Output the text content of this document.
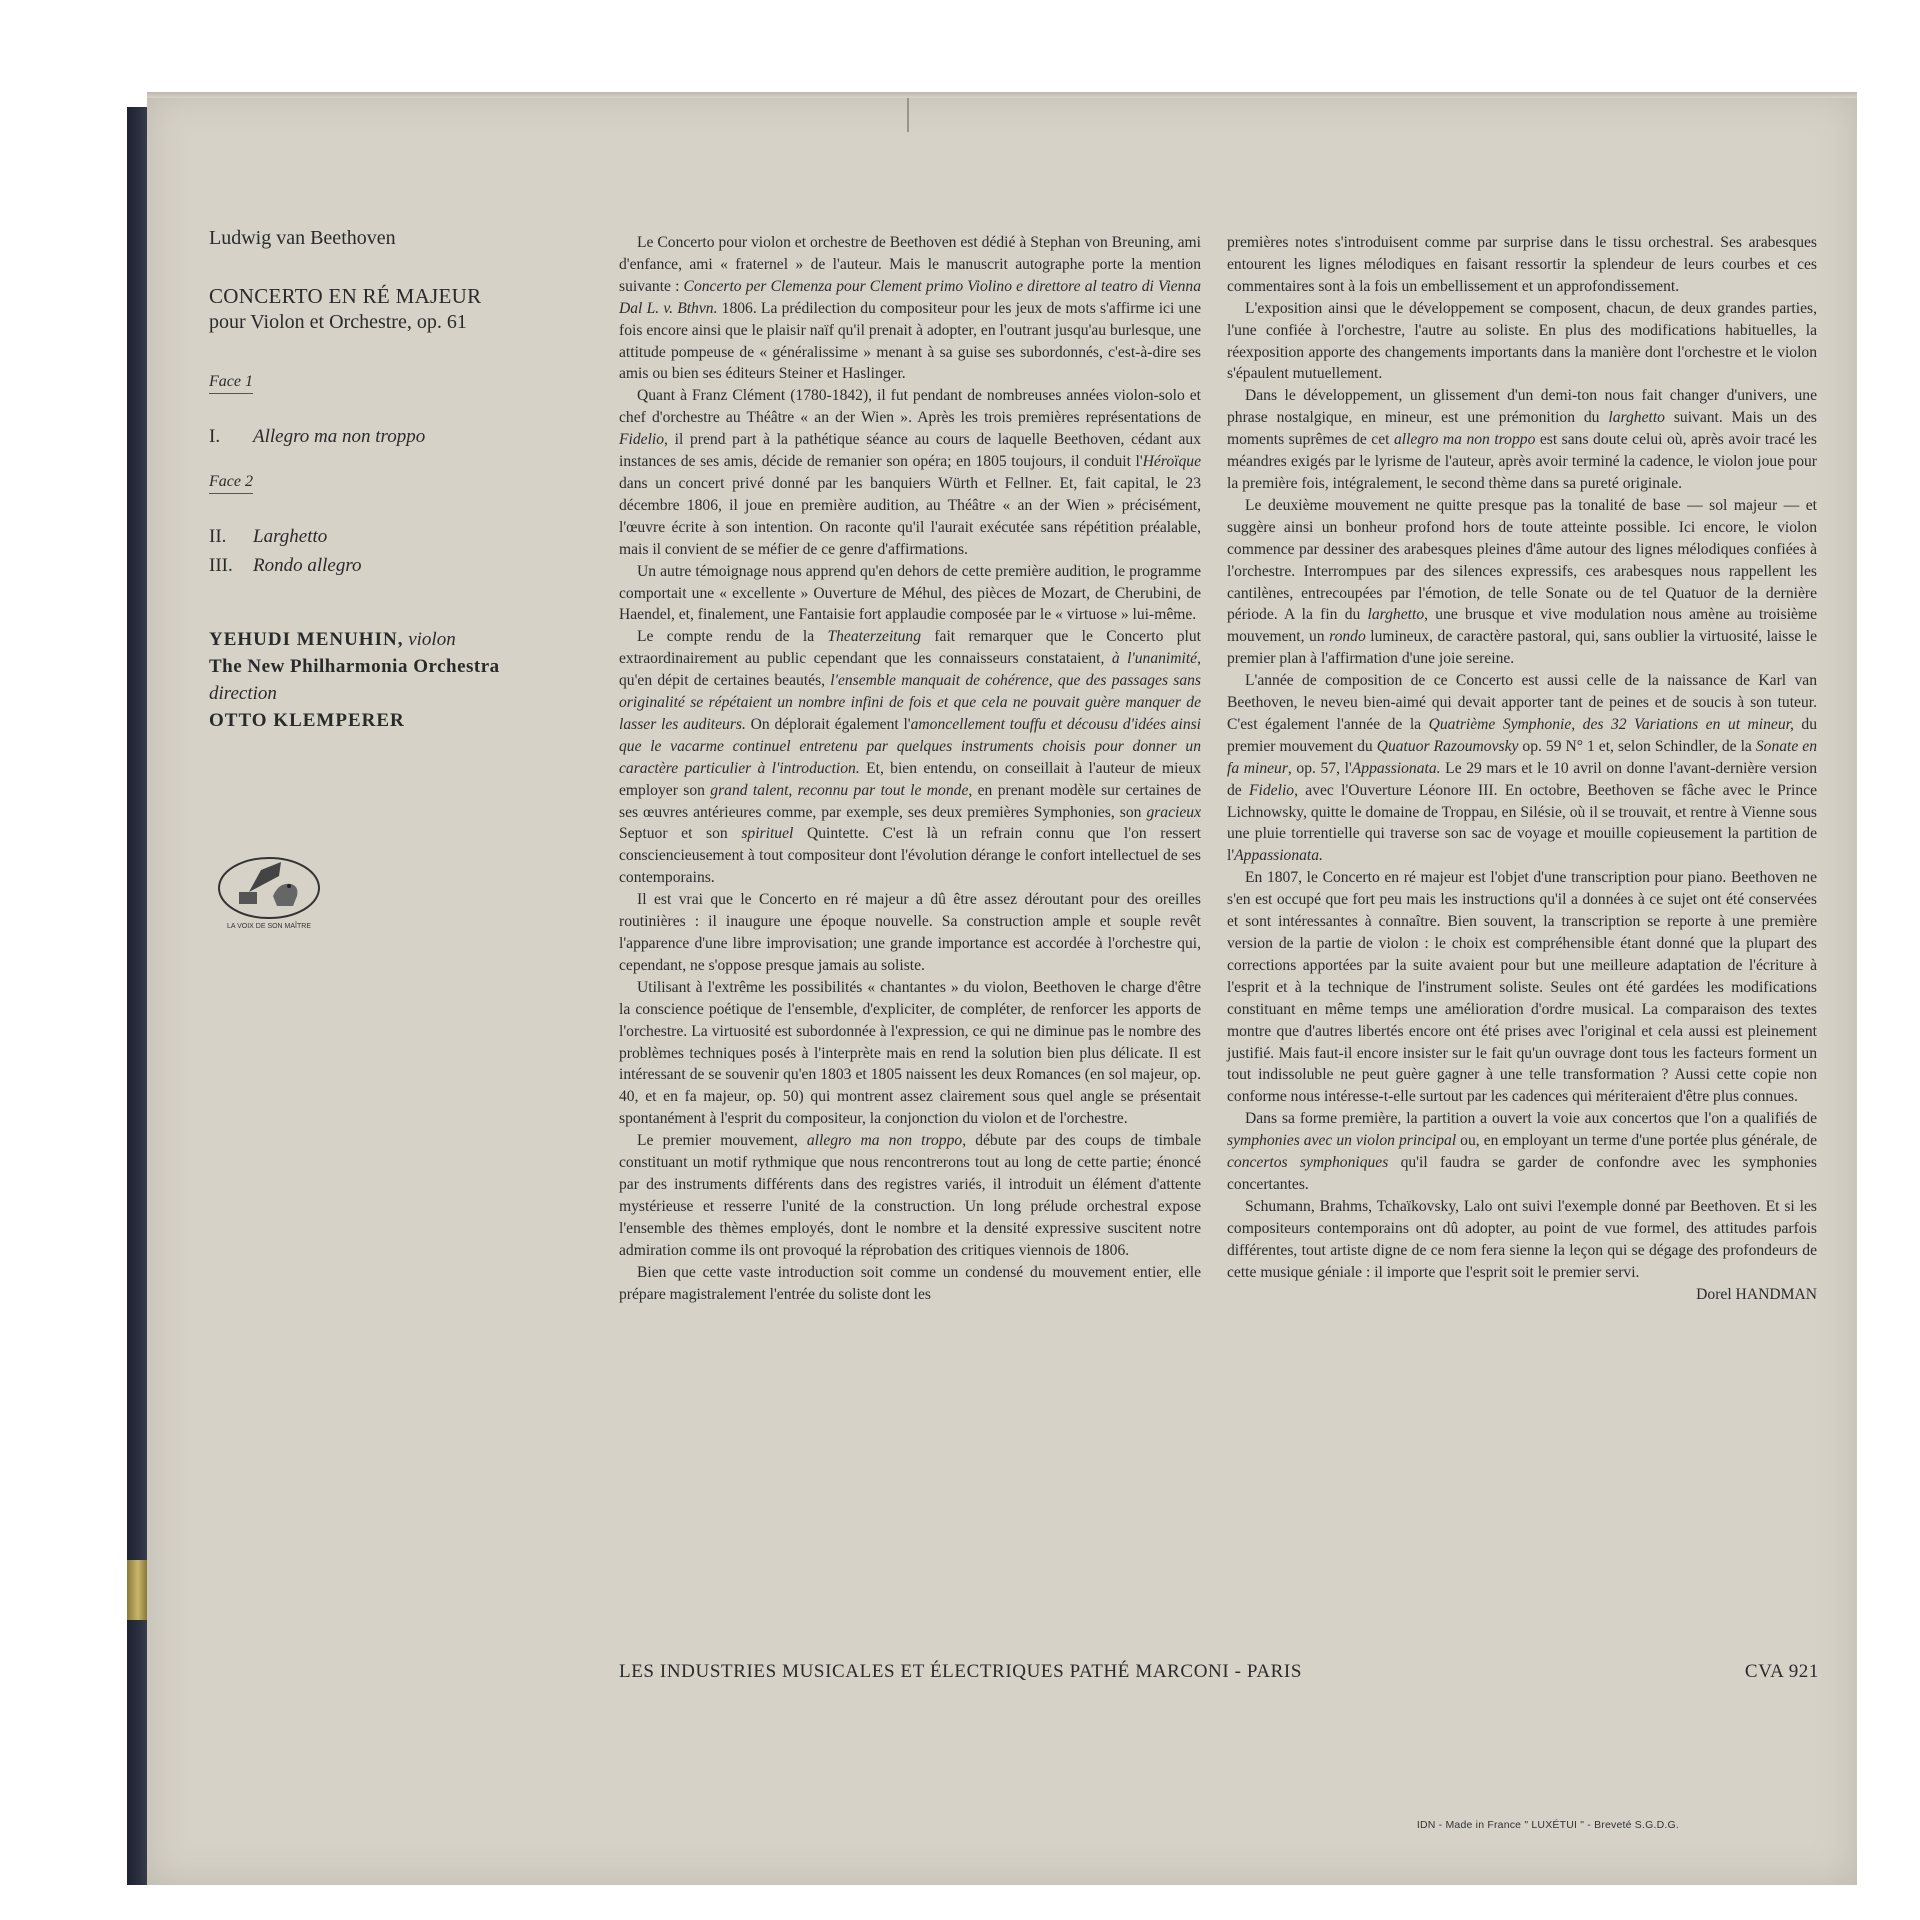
Ludwig van Beethoven
CONCERTO EN RÉ MAJEUR
pour Violon et Orchestre, op. 61
Face 1
I. Allegro ma non troppo
Face 2
II. Larghetto
III. Rondo allegro
YEHUDI MENUHIN, violon
The New Philharmonia Orchestra
direction
OTTO KLEMPERER
LA VOIX DE SON MAÎTRE

Le Concerto pour violon et orchestre de Beethoven est dédié à Stephan von Breuning, ami d'enfance, ami « fraternel » de l'auteur. Mais le manuscrit autographe porte la mention suivante : Concerto per Clemenza pour Clement primo Violino e direttore al teatro di Vienna Dal L. v. Bthvn. 1806. La prédilection du compositeur pour les jeux de mots s'affirme ici une fois encore ainsi que le plaisir naïf qu'il prenait à adopter, en l'outrant jusqu'au burlesque, une attitude pompeuse de « généralissime » menant à sa guise ses subordonnés, c'est-à-dire ses amis ou bien ses éditeurs Steiner et Haslinger.

Quant à Franz Clément (1780-1842), il fut pendant de nombreuses années violon-solo et chef d'orchestre au Théâtre « an der Wien ». Après les trois premières représentations de Fidelio, il prend part à la pathétique séance au cours de laquelle Beethoven, cédant aux instances de ses amis, décide de remanier son opéra; en 1805 toujours, il conduit l'Héroïque dans un concert privé donné par les banquiers Würth et Fellner. Et, fait capital, le 23 décembre 1806, il joue en première audition, au Théâtre « an der Wien » précisément, l'œuvre écrite à son intention. On raconte qu'il l'aurait exécutée sans répétition préalable, mais il convient de se méfier de ce genre d'affirmations.

Un autre témoignage nous apprend qu'en dehors de cette première audition, le programme comportait une « excellente » Ouverture de Méhul, des pièces de Mozart, de Cherubini, de Haendel, et, finalement, une Fantaisie fort applaudie composée par le « virtuose » lui-même.

Le compte rendu de la Theaterzeitung fait remarquer que le Concerto plut extraordinairement au public cependant que les connaisseurs constataient, à l'unanimité, qu'en dépit de certaines beautés, l'ensemble manquait de cohérence, que des passages sans originalité se répétaient un nombre infini de fois et que cela ne pouvait guère manquer de lasser les auditeurs. On déplorait également l'amoncellement touffu et décousu d'idées ainsi que le vacarme continuel entretenu par quelques instruments choisis pour donner un caractère particulier à l'introduction. Et, bien entendu, on conseillait à l'auteur de mieux employer son grand talent, reconnu par tout le monde, en prenant modèle sur certaines de ses œuvres antérieures comme, par exemple, ses deux premières Symphonies, son gracieux Septuor et son spirituel Quintette. C'est là un refrain connu que l'on ressert consciencieusement à tout compositeur dont l'évolution dérange le confort intellectuel de ses contemporains.

Il est vrai que le Concerto en ré majeur a dû être assez déroutant pour des oreilles routinières : il inaugure une époque nouvelle. Sa construction ample et souple revêt l'apparence d'une libre improvisation; une grande importance est accordée à l'orchestre qui, cependant, ne s'oppose presque jamais au soliste.

Utilisant à l'extrême les possibilités « chantantes » du violon, Beethoven le charge d'être la conscience poétique de l'ensemble, d'expliciter, de compléter, de renforcer les apports de l'orchestre. La virtuosité est subordonnée à l'expression, ce qui ne diminue pas le nombre des problèmes techniques posés à l'interprète mais en rend la solution bien plus délicate. Il est intéressant de se souvenir qu'en 1803 et 1805 naissent les deux Romances (en sol majeur, op. 40, et en fa majeur, op. 50) qui montrent assez clairement sous quel angle se présentait spontanément à l'esprit du compositeur, la conjonction du violon et de l'orchestre.

Le premier mouvement, allegro ma non troppo, débute par des coups de timbale constituant un motif rythmique que nous rencontrerons tout au long de cette partie; énoncé par des instruments différents dans des registres variés, il introduit un élément d'attente mystérieuse et resserre l'unité de la construction. Un long prélude orchestral expose l'ensemble des thèmes employés, dont le nombre et la densité expressive suscitent notre admiration comme ils ont provoqué la réprobation des critiques viennois de 1806.

Bien que cette vaste introduction soit comme un condensé du mouvement entier, elle prépare magistralement l'entrée du soliste dont les

premières notes s'introduisent comme par surprise dans le tissu orchestral. Ses arabesques entourent les lignes mélodiques en faisant ressortir la splendeur de leurs courbes et ces commentaires sont à la fois un embellissement et un approfondissement.

L'exposition ainsi que le développement se composent, chacun, de deux grandes parties, l'une confiée à l'orchestre, l'autre au soliste. En plus des modifications habituelles, la réexposition apporte des changements importants dans la manière dont l'orchestre et le violon s'épaulent mutuellement.

Dans le développement, un glissement d'un demi-ton nous fait changer d'univers, une phrase nostalgique, en mineur, est une prémonition du larghetto suivant. Mais un des moments suprêmes de cet allegro ma non troppo est sans doute celui où, après avoir tracé les méandres exigés par le lyrisme de l'auteur, après avoir terminé la cadence, le violon joue pour la première fois, intégralement, le second thème dans sa pureté originale.

Le deuxième mouvement ne quitte presque pas la tonalité de base — sol majeur — et suggère ainsi un bonheur profond hors de toute atteinte possible. Ici encore, le violon commence par dessiner des arabesques pleines d'âme autour des lignes mélodiques confiées à l'orchestre. Interrompues par des silences expressifs, ces arabesques nous rappellent les cantilènes, entrecoupées par l'émotion, de telle Sonate ou de tel Quatuor de la dernière période. A la fin du larghetto, une brusque et vive modulation nous amène au troisième mouvement, un rondo lumineux, de caractère pastoral, qui, sans oublier la virtuosité, laisse le premier plan à l'affirmation d'une joie sereine.

L'année de composition de ce Concerto est aussi celle de la naissance de Karl van Beethoven, le neveu bien-aimé qui devait apporter tant de peines et de soucis à son tuteur. C'est également l'année de la Quatrième Symphonie, des 32 Variations en ut mineur, du premier mouvement du Quatuor Razoumovsky op. 59 N° 1 et, selon Schindler, de la Sonate en fa mineur, op. 57, l'Appassionata. Le 29 mars et le 10 avril on donne l'avant-dernière version de Fidelio, avec l'Ouverture Léonore III. En octobre, Beethoven se fâche avec le Prince Lichnowsky, quitte le domaine de Troppau, en Silésie, où il se trouvait, et rentre à Vienne sous une pluie torrentielle qui traverse son sac de voyage et mouille copieusement la partition de l'Appassionata.

En 1807, le Concerto en ré majeur est l'objet d'une transcription pour piano. Beethoven ne s'en est occupé que fort peu mais les instructions qu'il a données à ce sujet ont été conservées et sont intéressantes à connaître. Bien souvent, la transcription se reporte à une première version de la partie de violon : le choix est compréhensible étant donné que la plupart des corrections apportées par la suite avaient pour but une meilleure adaptation de l'écriture à l'esprit et à la technique de l'instrument soliste. Seules ont été gardées les modifications constituant en même temps une amélioration d'ordre musical. La comparaison des textes montre que d'autres libertés encore ont été prises avec l'original et cela aussi est pleinement justifié. Mais faut-il encore insister sur le fait qu'un ouvrage dont tous les facteurs forment un tout indissoluble ne peut guère gagner à une telle transformation ? Aussi cette copie non conforme nous intéresse-t-elle surtout par les cadences qui mériteraient d'être plus connues.

Dans sa forme première, la partition a ouvert la voie aux concertos que l'on a qualifiés de symphonies avec un violon principal ou, en employant un terme d'une portée plus générale, de concertos symphoniques qu'il faudra se garder de confondre avec les symphonies concertantes.

Schumann, Brahms, Tchaïkovsky, Lalo ont suivi l'exemple donné par Beethoven. Et si les compositeurs contemporains ont dû adopter, au point de vue formel, des attitudes parfois différentes, tout artiste digne de ce nom fera sienne la leçon qui se dégage des profondeurs de cette musique géniale : il importe que l'esprit soit le premier servi.

Dorel HANDMAN

LES INDUSTRIES MUSICALES ET ÉLECTRIQUES PATHÉ MARCONI - PARIS	CVA 921
IDN - Made in France " LUXÉTUI " - Breveté S.G.D.G.
